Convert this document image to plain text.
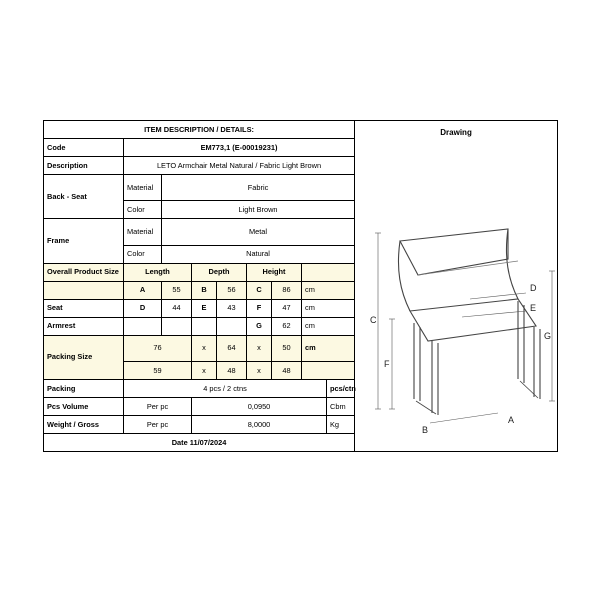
ITEM DESCRIPTION / DETAILS:	Drawing
C
F
G
D
E
B
A

Code	EM773,1 (E-00019231)								
Description	LETO Armchair Metal Natural / Fabric Light Brown								
Back - Seat	Material	Fabric							
	Color	Light Brown							
Frame	Material	Metal							
	Color	Natural							
Overall Product Size	Length		Depth		Height				
	A	55	B	56	C	86	cm		
Seat	D	44	E	43	F	47	cm		
Armrest					G	62	cm		
Packing Size	76		x	64	x	50	cm		
	59		x	48	x	48			
Packing	4 pcs / 2 ctns							pcs/ctn	
Pcs Volume	Per pc		0,0950					Cbm	
Weight / Gross	Per pc		8,0000					Kg	
Date 11/07/2024									
